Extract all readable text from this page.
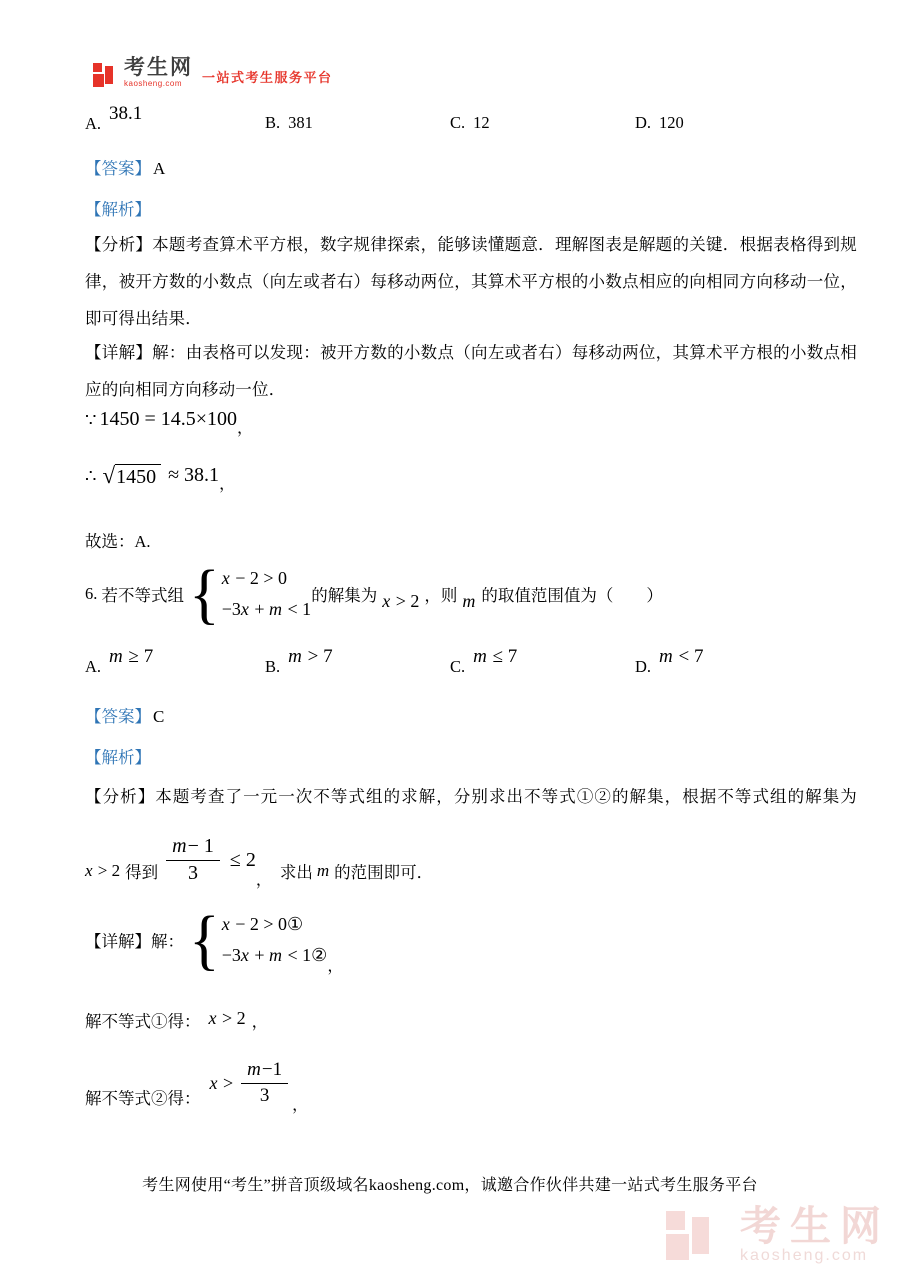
考生网
kaosheng.com	一站式考生服务平台
A. 38.1	B. 381	C. 12	D. 120
【答案】 A
【解析】
【分析】本题考查算术平方根，数字规律探索，能够读懂题意．理解图表是解题的关键．根据表格得到规律，被开方数的小数点（向左或者右）每移动两位，其算术平方根的小数点相应的向相同方向移动一位，即可得出结果．
【详解】解：由表格可以发现：被开方数的小数点（向左或者右）每移动两位，其算术平方根的小数点相应的向相同方向移动一位．
∵ 1450 = 14.5×100 ，
∴ √ 1450 ≈ 38.1 ，
故选：A.
6.
若不等式组 { x − 2 > 0
−3x + m < 1
的解集为 x > 2 ，则 m 的取值范围值为（　　）
A. m ≥ 7	B. m > 7	C. m ≤ 7	D. m < 7
【答案】 C
【解析】
【分析】本题考查了一元一次不等式组的求解，分别求出不等式①②的解集，根据不等式组的解集为
x > 2 得到 $\frac{m- 1}{3} \le 2$
， 求出 m 的范围即可．
【详解】解： { x − 2 > 0①
−3x + m < 1②
，
解不等式①得： x > 2 ，
解不等式②得：
$x > \frac{m-1}{3}$ ，
考生网使用“考生”拼音顶级域名kaosheng.com，诚邀合作伙伴共建一站式考生服务平台
考生网
kaosheng.com
